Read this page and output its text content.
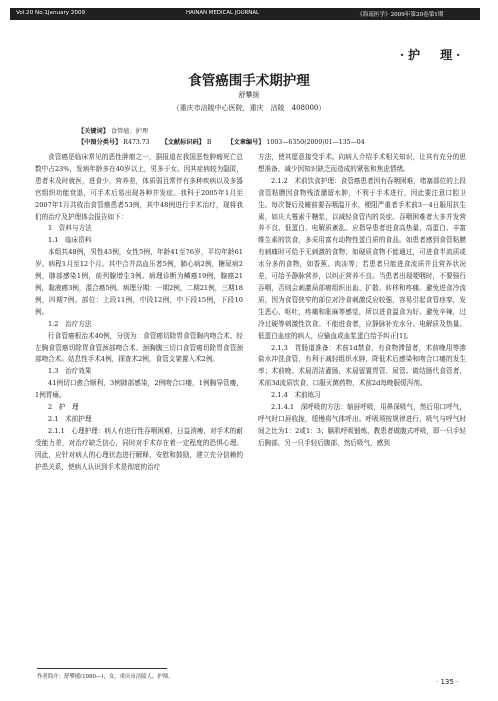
Vol.20 No.1January 2009	HAINAN MEDICAL JOURNAL	《海南医学》2009年第20卷第1期
·护　理·
食管癌围手术期护理
舒攀援
（重庆市涪陵中心医院，重庆　涪陵　408000）
【关键词】 食管癌；护理
【中图分类号】 R473.73 【文献标识码】 B	【文章编号】 1003—6350(2009)01—135—04

食管癌是临床常见的恶性肿瘤之一，据报道在我国恶性肿瘤死亡总数中占23%，发病年龄多在40岁以上，男多于女。因其症病较为隐匿，患者未及时就医，进食少，营养差，体质弱且常伴有多种疾病以及多器官组织功能衰退，可手术后易出现各种并发症。我科于2005年1月至2007年1月共收治食管癌患者53例，其中48例进行手术治疗，现将我们的治疗及护理体会报告如下：

1　资料与方法

1.1　临床资料

本组共48例，男性43例，女性5例，年龄41至76岁，平均年龄61岁。病程1月至12个月。其中合并高血压者5例，肺心病2例，糖尿病2例，肺部感染1例，前列腺增生3例。病理诊断为鳞癌19例，腺癌21例，黏液癌3例，混合癌5例。病理分期：一期2例，二期21例，三期18例，四期7例。部位：上段11例，中段12例，中下段15例，下段10例。

1.2　治疗方法

行食管癌根治术40例，分别为：食管癌切除胃食管胸内吻合术、经左胸食管癌切除胃食管颈部吻合术、颈胸腹三切口食管癌切除胃食管颈部吻合术。姑息性手术4例，探查术2例，食管支架置入术2例。

1.3　治疗效果

41例切口愈合顺利，3例肺部感染，2例吻合口瘘，1例胸导管瘘，1例胃瘫。

2　护　理

2.1　术前护理

2.1.1　心理护理：病人有进行性吞咽困难，日益消瘦，对手术的耐受能力差，对治疗缺乏信心，同时对手术存在着一定程度的恐惧心理。因此，应针对病人的心理状态进行解释，安慰和鼓励，建立充分信赖的护患关系，使病人认识到手术是彻底的治疗

方法，使其愿意接受手术。向病人介绍手术相关知识，让其有充分的思想准备，减少因知识缺乏而造成的紧张和焦虑情绪。

2.1.2　术前饮食护理：食管癌患者因有吞咽困难，堵塞部位的上段食管粘膜因食物残渣潴留水肿，不利于手术进行，因此要注意口腔卫生。每次餐后及睡前要吞咽温开水，梗阻严重者手术前3－4日服用抗生素，如庆大霉素千糖浆，以减轻食管内的炎症。吞咽困难者大多并发营养不良、低蛋白、电解质紊乱。应指导患者进食高热量、高蛋白、丰富维生素的饮食，多采用富有动物性蛋白质的食品。如患者感到食管粘膜有刺痛时可给予无刺激的食物；如硬质食物不能通过，可进食半流质或水分多的食物，如香蕉、肉冻等；若患者只能进食流质并且营养状况差，可给予静脉营养，以纠正营养不良。当患者出现哽咽时，不要强行吞咽，否则会刺激局部癌组织出血、扩散、转移和疼痛。避免进食冷流质，因为食管狭窄的部位对冷食刺激反应较强，容易引起食管痉挛，发生恶心、呕吐，疼痛和胀麻等感觉，所以进食温食为好。避免辛辣，过冷过硬等刺激性饮食。不能进食者，应静脉补充水分、电解质及热量。低蛋白血症的病人，应输血或血浆蛋白给予纠正[1]。

2.1.3　胃肠道准备：术前1d禁食，有食物滞留者，术前晚用等渗盐水冲洗食管，有利于减轻组织水肿，降低术后感染和吻合口瘘的发生率；术前晚、术晨清洁灌肠，术晨留置胃管、尿管。做结肠代食管者，术前3d流质饮食，口服灭菌药物，术前2d每晚服缓泻剂。

2.1.4　术前练习

2.1.4.1　深呼吸的方法：缩唇呼吸，用鼻深吸气，然后用口呼气，呼气时口唇收拢，缓慢将气体呼出。呼吸须按规律进行，吸气与呼气时间之比为1：2或1：3；膈肌呼吸锻炼，教患者做腹式呼吸，即一只手轻后胸部，另一只手轻后腹部，然后吸气，感到

作者简介：舒攀援(1980—)，女，重庆市涪陵人，护师。
· 135 ·
